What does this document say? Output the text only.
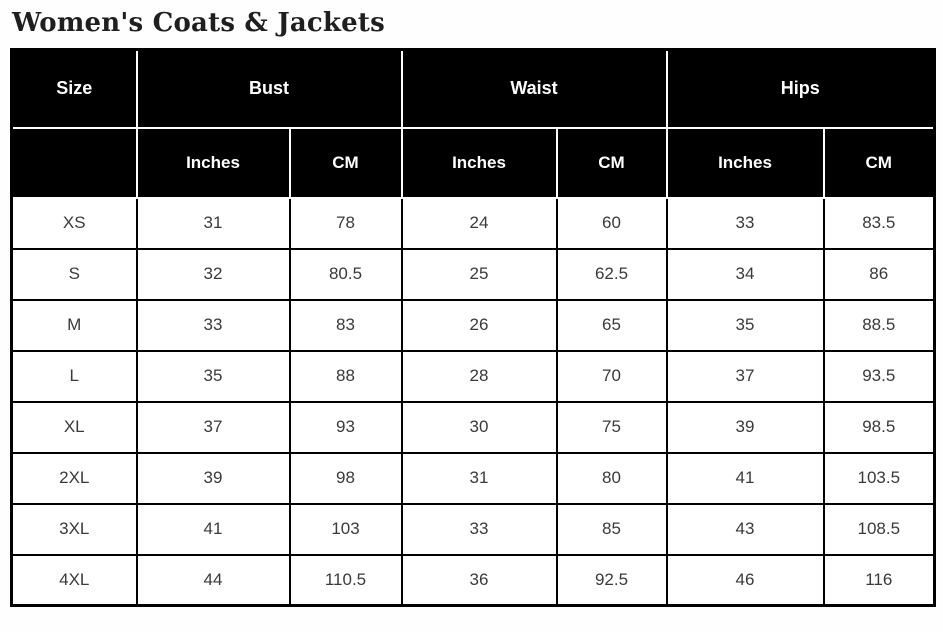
Women's Coats & Jackets
Size	Bust		Waist		Hips	
	Inches	CM	Inches	CM	Inches	CM
XS	31	78	24	60	33	83.5
S	32	80.5	25	62.5	34	86
M	33	83	26	65	35	88.5
L	35	88	28	70	37	93.5
XL	37	93	30	75	39	98.5
2XL	39	98	31	80	41	103.5
3XL	41	103	33	85	43	108.5
4XL	44	110.5	36	92.5	46	116
